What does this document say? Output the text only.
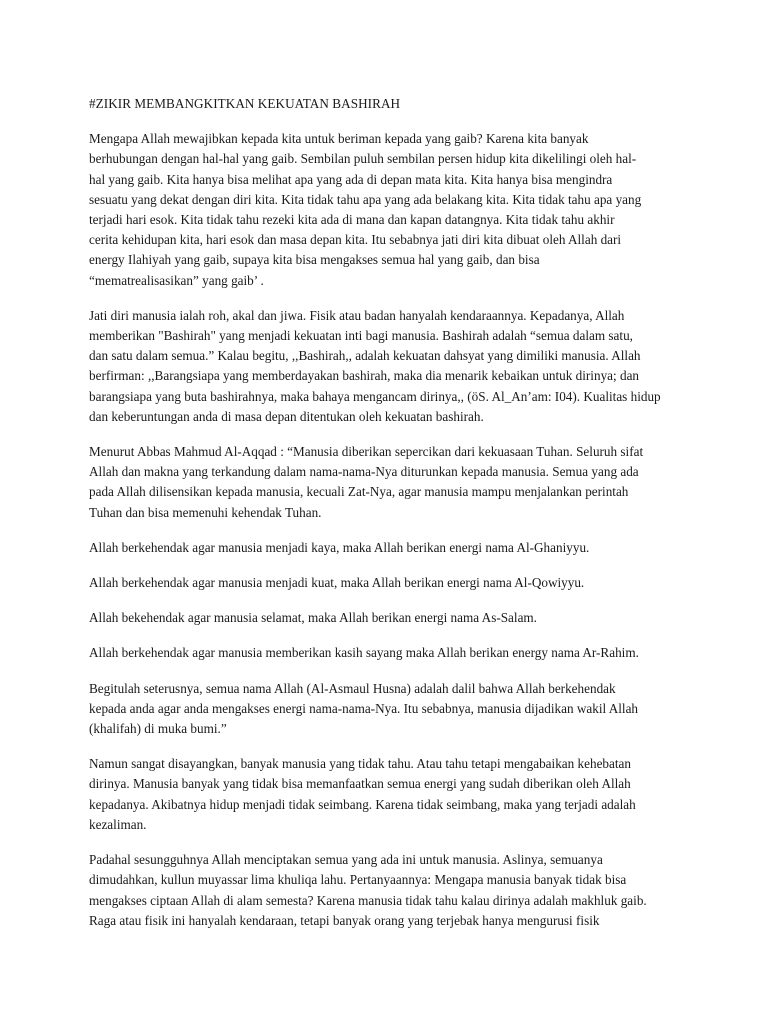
#ZIKIR MEMBANGKITKAN KEKUATAN BASHIRAH
Mengapa Allah mewajibkan kepada kita untuk beriman kepada yang gaib? Karena kita banyak
berhubungan dengan hal-hal yang gaib. Sembilan puluh sembilan persen hidup kita dikelilingi oleh hal-
hal yang gaib. Kita hanya bisa melihat apa yang ada di depan mata kita. Kita hanya bisa mengindra
sesuatu yang dekat dengan diri kita. Kita tidak tahu apa yang ada belakang kita. Kita tidak tahu apa yang
terjadi hari esok. Kita tidak tahu rezeki kita ada di mana dan kapan datangnya. Kita tidak tahu akhir
cerita kehidupan kita, hari esok dan masa depan kita. Itu sebabnya jati diri kita dibuat oleh Allah dari
energy Ilahiyah yang gaib, supaya kita bisa mengakses semua hal yang gaib, dan bisa
“mematrealisasikan” yang gaib’ .
Jati diri manusia ialah roh, akal dan jiwa. Fisik atau badan hanyalah kendaraannya. Kepadanya, Allah
memberikan "Bashirah" yang menjadi kekuatan inti bagi manusia. Bashirah adalah “semua dalam satu,
dan satu dalam semua.” Kalau begitu, ,,Bashirah,, adalah kekuatan dahsyat yang dimiliki manusia. Allah
berfirman: ,,Barangsiapa yang memberdayakan bashirah, maka dia menarik kebaikan untuk dirinya; dan
barangsiapa yang buta bashirahnya, maka bahaya mengancam dirinya,, (öS. Al_An’am: I04). Kualitas hidup
dan keberuntungan anda di masa depan ditentukan oleh kekuatan bashirah.
Menurut Abbas Mahmud Al-Aqqad : “Manusia diberikan sepercikan dari kekuasaan Tuhan. Seluruh sifat
Allah dan makna yang terkandung dalam nama-nama-Nya diturunkan kepada manusia. Semua yang ada
pada Allah dilisensikan kepada manusia, kecuali Zat-Nya, agar manusia mampu menjalankan perintah
Tuhan dan bisa memenuhi kehendak Tuhan.
Allah berkehendak agar manusia menjadi kaya, maka Allah berikan energi nama Al-Ghaniyyu.
Allah berkehendak agar manusia menjadi kuat, maka Allah berikan energi nama Al-Qowiyyu.
Allah bekehendak agar manusia selamat, maka Allah berikan energi nama As-Salam.
Allah berkehendak agar manusia memberikan kasih sayang maka Allah berikan energy nama Ar-Rahim.
Begitulah seterusnya, semua nama Allah (Al-Asmaul Husna) adalah dalil bahwa Allah berkehendak
kepada anda agar anda mengakses energi nama-nama-Nya. Itu sebabnya, manusia dijadikan wakil Allah
(khalifah) di muka bumi.”
Namun sangat disayangkan, banyak manusia yang tidak tahu. Atau tahu tetapi mengabaikan kehebatan
dirinya. Manusia banyak yang tidak bisa memanfaatkan semua energi yang sudah diberikan oleh Allah
kepadanya. Akibatnya hidup menjadi tidak seimbang. Karena tidak seimbang, maka yang terjadi adalah
kezaliman.
Padahal sesungguhnya Allah menciptakan semua yang ada ini untuk manusia. Aslinya, semuanya
dimudahkan, kullun muyassar lima khuliqa lahu. Pertanyaannya: Mengapa manusia banyak tidak bisa
mengakses ciptaan Allah di alam semesta? Karena manusia tidak tahu kalau dirinya adalah makhluk gaib.
Raga atau fisik ini hanyalah kendaraan, tetapi banyak orang yang terjebak hanya mengurusi fisik
